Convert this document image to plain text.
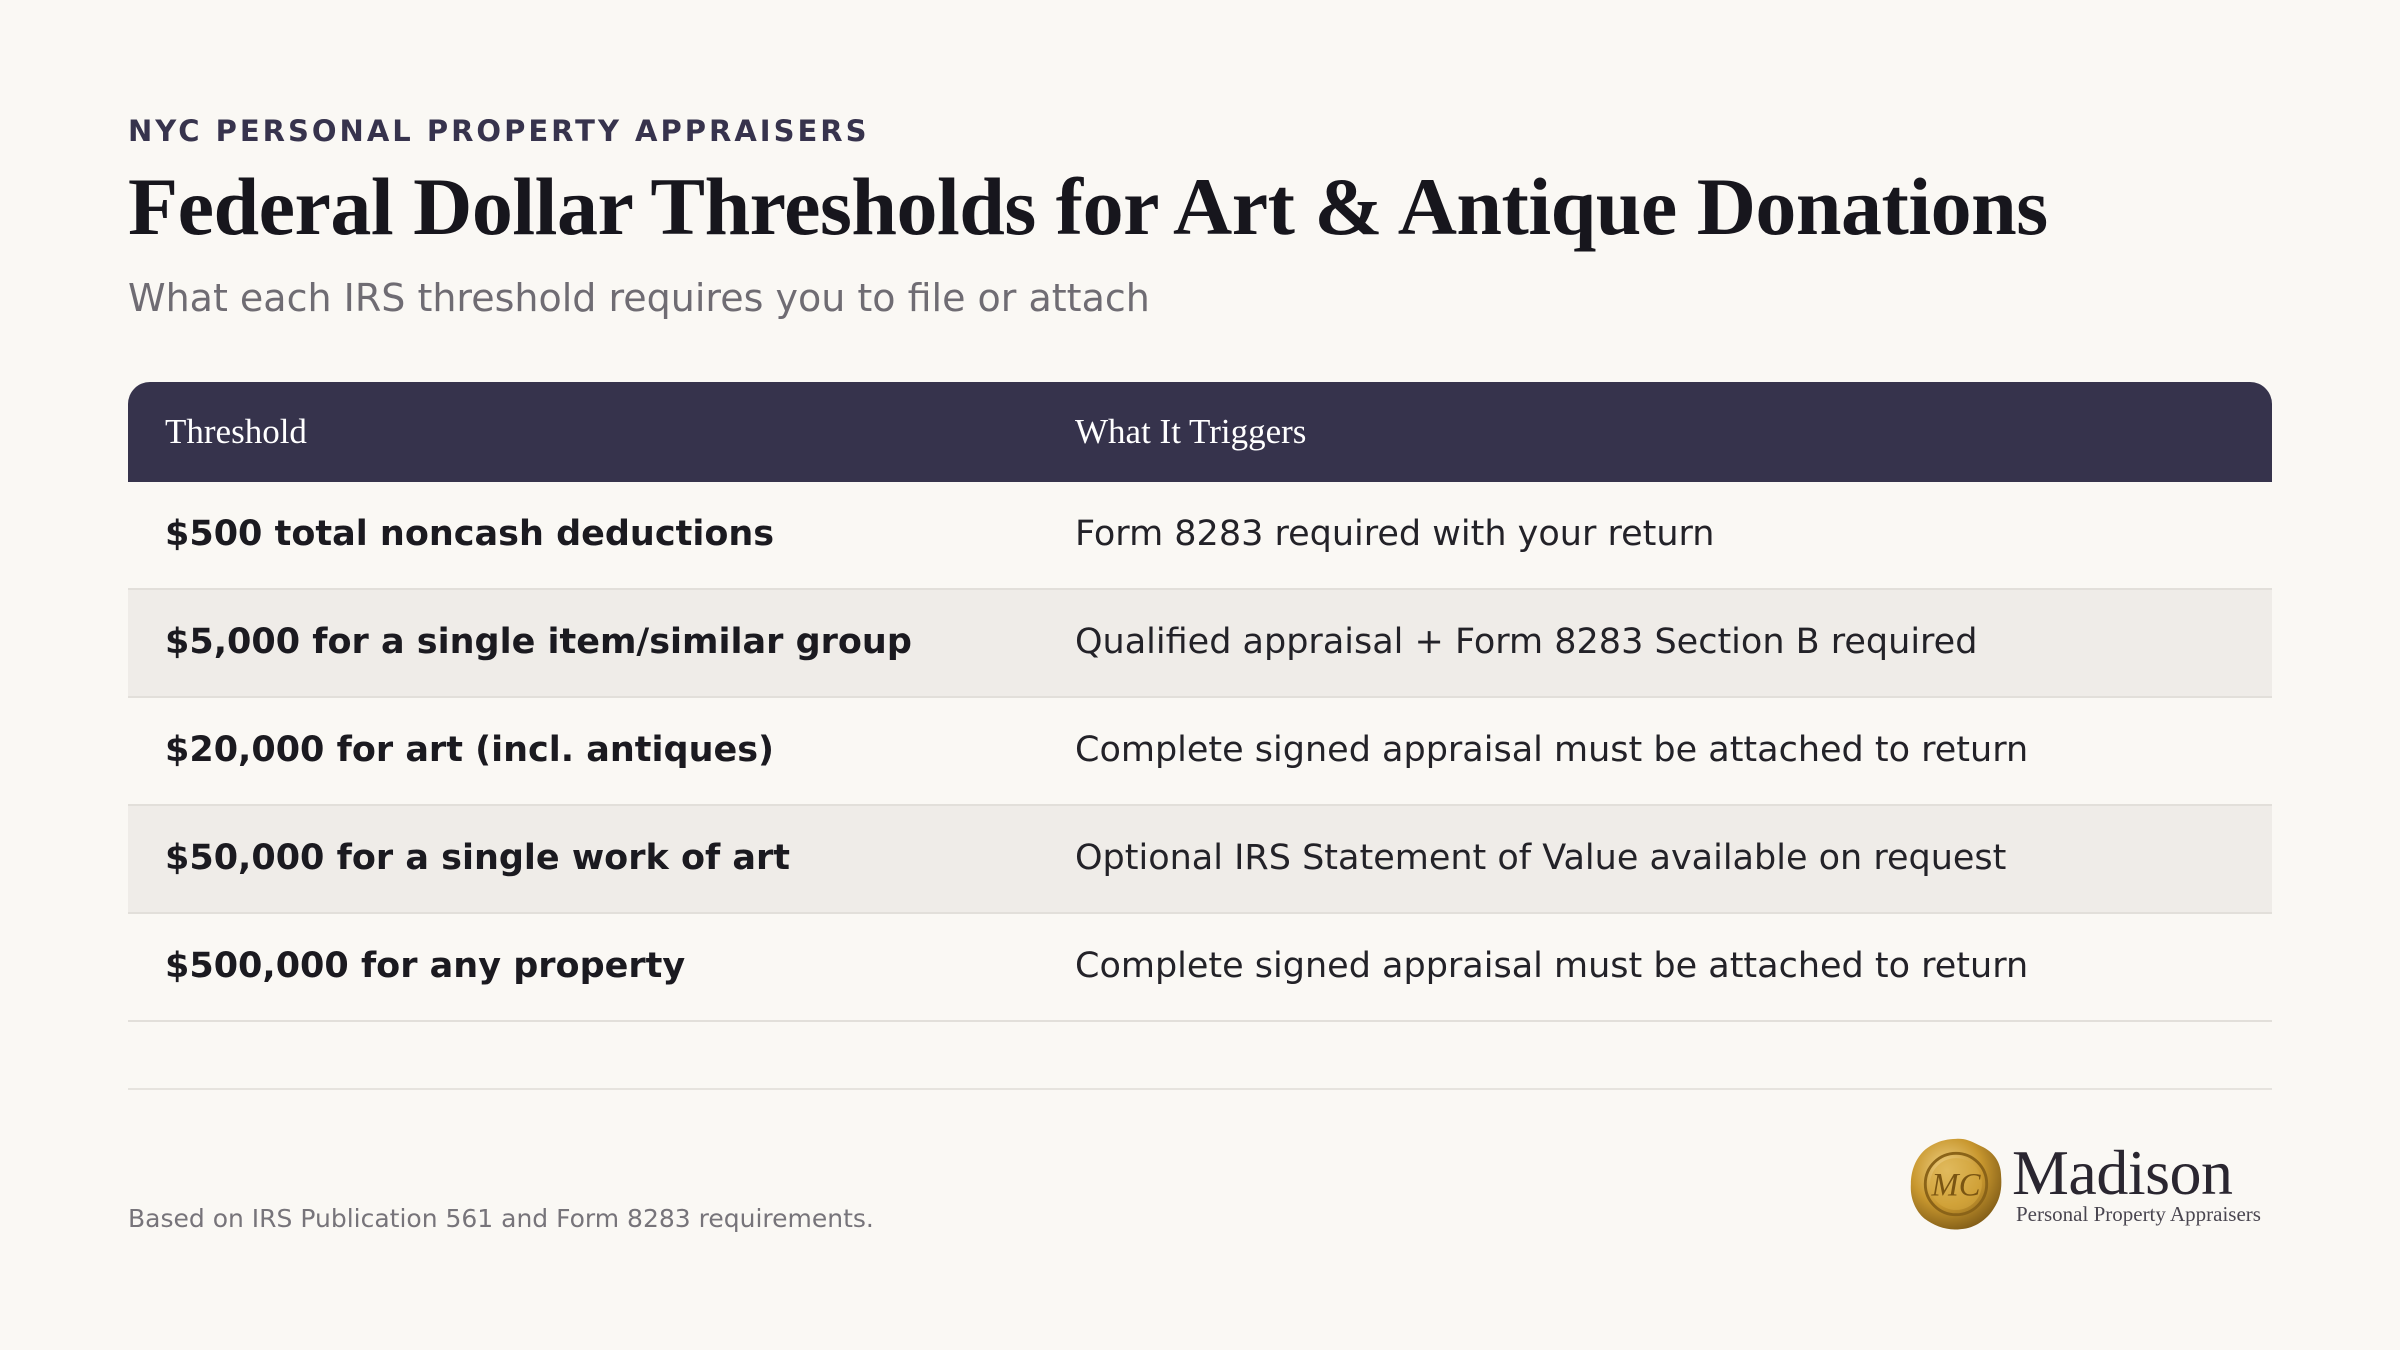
NYC PERSONAL PROPERTY APPRAISERS
Federal Dollar Thresholds for Art & Antique Donations
What each IRS threshold requires you to file or attach
Threshold	What It Triggers
$500 total noncash deductions	Form 8283 required with your return
$5,000 for a single item/similar group	Qualified appraisal + Form 8283 Section B required
$20,000 for art (incl. antiques)	Complete signed appraisal must be attached to return
$50,000 for a single work of art	Optional IRS Statement of Value available on request
$500,000 for any property	Complete signed appraisal must be attached to return
Based on IRS Publication 561 and Form 8283 requirements.
MC Madison
Personal Property Appraisers
